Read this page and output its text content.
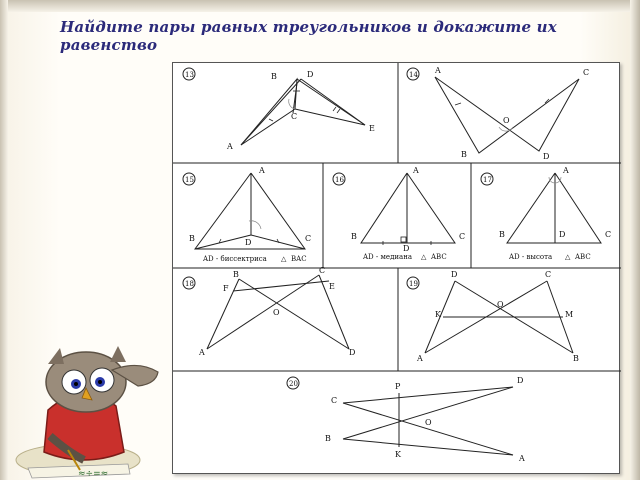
Найдите пары равных треугольников и докажите их равенство
13	B	D
C
A
E
14 A	C
O
B	D
15
A
B	D	C
AD - биссектриса △ BAC
16
A
B
D
C
AD - медиана △ ABC
17
A
B	D	C
AD - высота △ ABC
18
B	C
F	E
O
A	D
19
D	C
O
K	M
A	B
20	P
D
C
O
B
K	A
≈÷=≈
